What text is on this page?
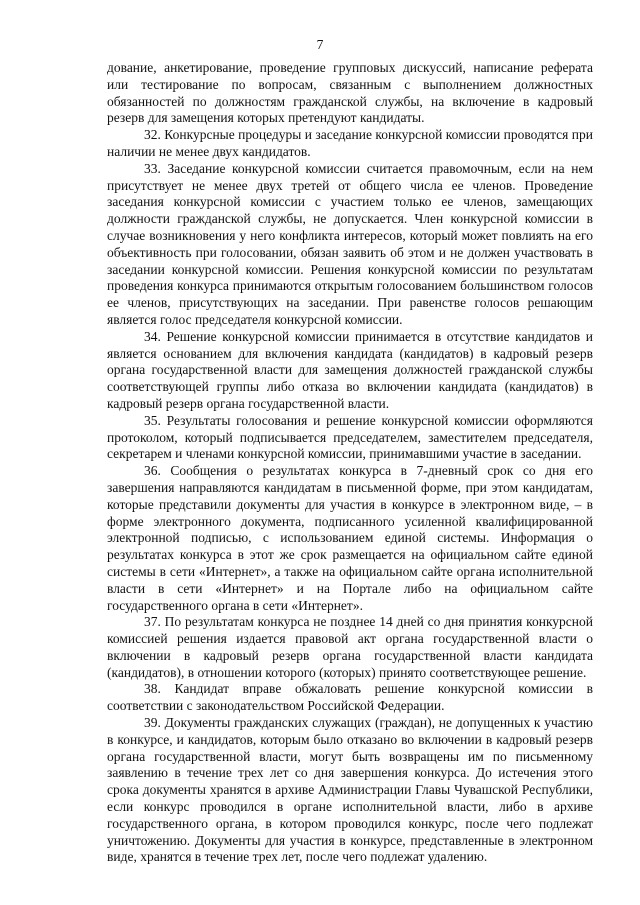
7

дование, анкетирование, проведение групповых дискуссий, написание реферата или тестирование по вопросам, связанным с выполнением должностных обязанностей по должностям гражданской службы, на включение в кадровый резерв для замещения которых претендуют кандидаты.

32. Конкурсные процедуры и заседание конкурсной комиссии проводятся при наличии не менее двух кандидатов.

33. Заседание конкурсной комиссии считается правомочным, если на нем присутствует не менее двух третей от общего числа ее членов. Проведение заседания конкурсной комиссии с участием только ее членов, замещающих должности гражданской службы, не допускается. Член конкурсной комиссии в случае возникновения у него конфликта интересов, который может повлиять на его объективность при голосовании, обязан заявить об этом и не должен участвовать в заседании конкурсной комиссии. Решения конкурсной комиссии по результатам проведения конкурса принимаются открытым голосованием большинством голосов ее членов, присутствующих на заседании. При равенстве голосов решающим является голос председателя конкурсной комиссии.

34. Решение конкурсной комиссии принимается в отсутствие кандидатов и является основанием для включения кандидата (кандидатов) в кадровый резерв органа государственной власти для замещения должностей гражданской службы соответствующей группы либо отказа во включении кандидата (кандидатов) в кадровый резерв органа государственной власти.

35. Результаты голосования и решение конкурсной комиссии оформляются протоколом, который подписывается председателем, заместителем председателя, секретарем и членами конкурсной комиссии, принимавшими участие в заседании.

36. Сообщения о результатах конкурса в 7-дневный срок со дня его завершения направляются кандидатам в письменной форме, при этом кандидатам, которые представили документы для участия в конкурсе в электронном виде, – в форме электронного документа, подписанного усиленной квалифицированной электронной подписью, с использованием единой системы. Информация о результатах конкурса в этот же срок размещается на официальном сайте единой системы в сети «Интернет», а также на официальном сайте органа исполнительной власти в сети «Интернет» и на Портале либо на официальном сайте государственного органа в сети «Интернет».

37. По результатам конкурса не позднее 14 дней со дня принятия конкурсной комиссией решения издается правовой акт органа государственной власти о включении в кадровый резерв органа государственной власти кандидата (кандидатов), в отношении которого (которых) принято соответствующее решение.

38. Кандидат вправе обжаловать решение конкурсной комиссии в соответствии с законодательством Российской Федерации.

39. Документы гражданских служащих (граждан), не допущенных к участию в конкурсе, и кандидатов, которым было отказано во включении в кадровый резерв органа государственной власти, могут быть возвращены им по письменному заявлению в течение трех лет со дня завершения конкурса. До истечения этого срока документы хранятся в архиве Администрации Главы Чувашской Республики, если конкурс проводился в органе исполнительной власти, либо в архиве государственного органа, в котором проводился конкурс, после чего подлежат уничтожению. Документы для участия в конкурсе, представленные в электронном виде, хранятся в течение трех лет, после чего подлежат удалению.
